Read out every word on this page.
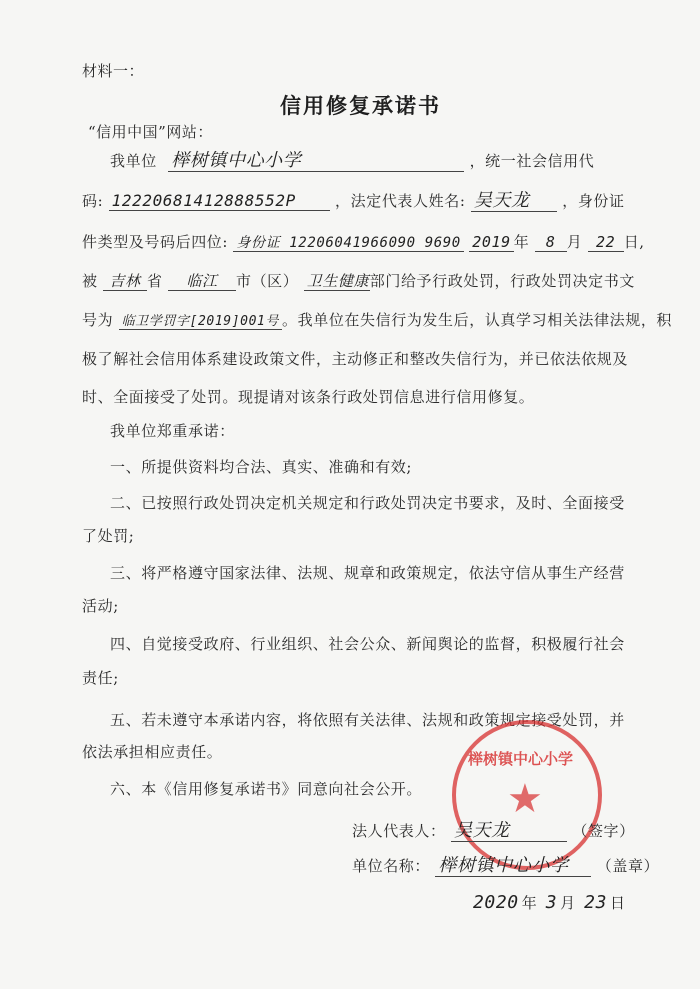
材料一：
信用修复承诺书
“信用中国”网站：
我单位 榉树镇中心小学	，统一社会信用代
码: 12220681412888552P	，法定代表人姓名: 吴天龙 ，身份证
件类型及号码后四位: 身份证 12206041966090 9690 2019 年 8 月 22 日,
被 吉林 省 临江 市（区） 卫生健康部门给予行政处罚，行政处罚决定书文
号为 临卫学罚字[2019]001号 。我单位在失信行为发生后，认真学习相关法律法规，积
极了解社会信用体系建设政策文件，主动修正和整改失信行为，并已依法依规及
时、全面接受了处罚。现提请对该条行政处罚信息进行信用修复。
我单位郑重承诺：
一、所提供资料均合法、真实、准确和有效;
二、已按照行政处罚决定机关规定和行政处罚决定书要求，及时、全面接受
了处罚;
三、将严格遵守国家法律、法规、规章和政策规定，依法守信从事生产经营
活动;
四、自觉接受政府、行业组织、社会公众、新闻舆论的监督，积极履行社会
责任;
五、若未遵守本承诺内容，将依照有关法律、法规和政策规定接受处罚，并
依法承担相应责任。
六、本《信用修复承诺书》同意向社会公开。
榉树镇中心小学
★
法人代表人： 吴天龙	（签字）
单位名称： 榉树镇中心小学 （盖章）
2020 年 3 月 23 日
